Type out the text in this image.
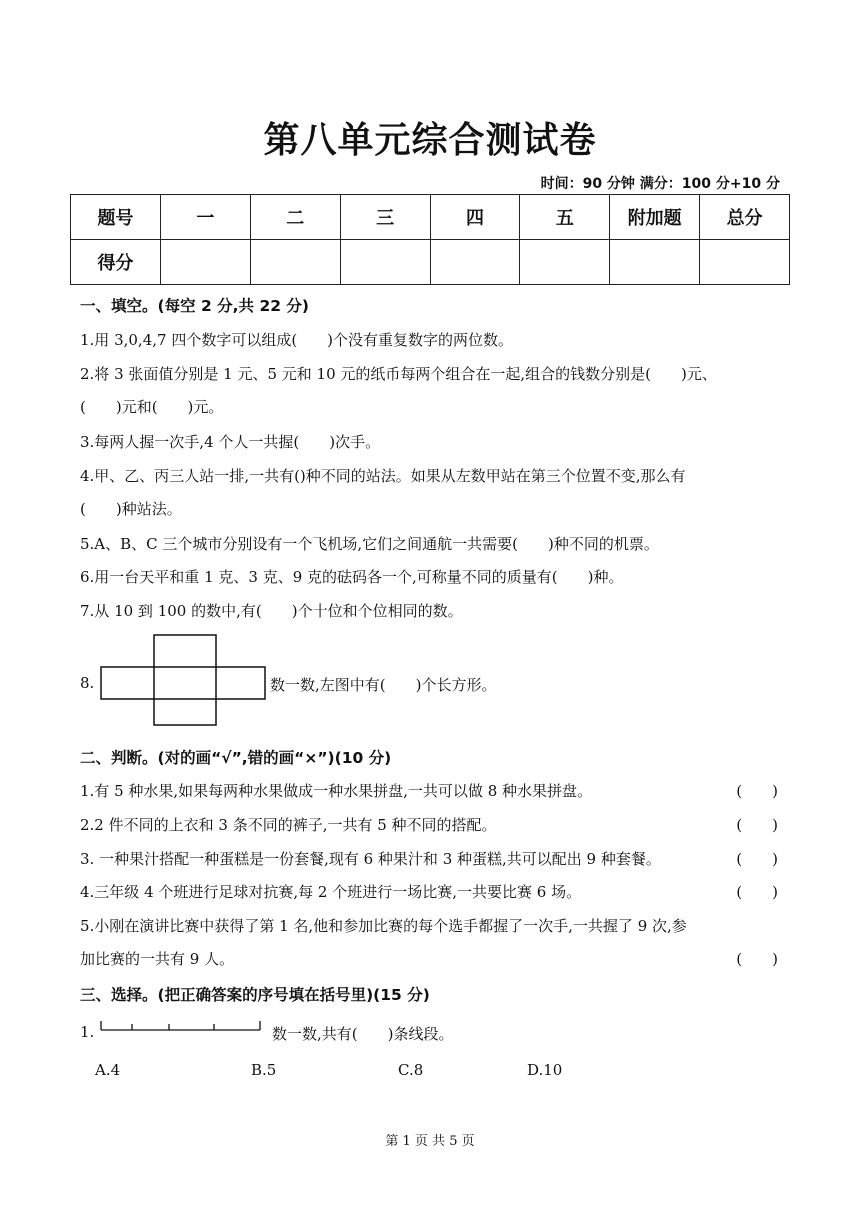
第八单元综合测试卷
时间：90 分钟 满分：100 分+10 分
题号	一	二	三	四	五	附加题	总分
得分							
一、填空。(每空 2 分,共 22 分)
1.用 3,0,4,7 四个数字可以组成(　　)个没有重复数字的两位数。
2.将 3 张面值分别是 1 元、5 元和 10 元的纸币每两个组合在一起,组合的钱数分别是(　　)元、
(　　)元和(　　)元。
3.每两人握一次手,4 个人一共握(　　)次手。
4.甲、乙、丙三人站一排,一共有()种不同的站法。如果从左数甲站在第三个位置不变,那么有
(　　)种站法。
5.A、B、C 三个城市分别设有一个飞机场,它们之间通航一共需要(　　)种不同的机票。
6.用一台天平和重 1 克、3 克、9 克的砝码各一个,可称量不同的质量有(　　)种。
7.从 10 到 100 的数中,有(　　)个十位和个位相同的数。
8.	数一数,左图中有(　　)个长方形。
二、判断。(对的画“√”,错的画“×”)(10 分)
1.有 5 种水果,如果每两种水果做成一种水果拼盘,一共可以做 8 种水果拼盘。	(　　)
2.2 件不同的上衣和 3 条不同的裤子,一共有 5 种不同的搭配。	(　　)
3. 一种果汁搭配一种蛋糕是一份套餐,现有 6 种果汁和 3 种蛋糕,共可以配出 9 种套餐。	(　　)
4.三年级 4 个班进行足球对抗赛,每 2 个班进行一场比赛,一共要比赛 6 场。	(　　)
5.小刚在演讲比赛中获得了第 1 名,他和参加比赛的每个选手都握了一次手,一共握了 9 次,参
加比赛的一共有 9 人。	(　　)
三、选择。(把正确答案的序号填在括号里)(15 分)
1.	数一数,共有(　　)条线段。
A.4	B.5	C.8	D.10
第 1 页 共 5 页
